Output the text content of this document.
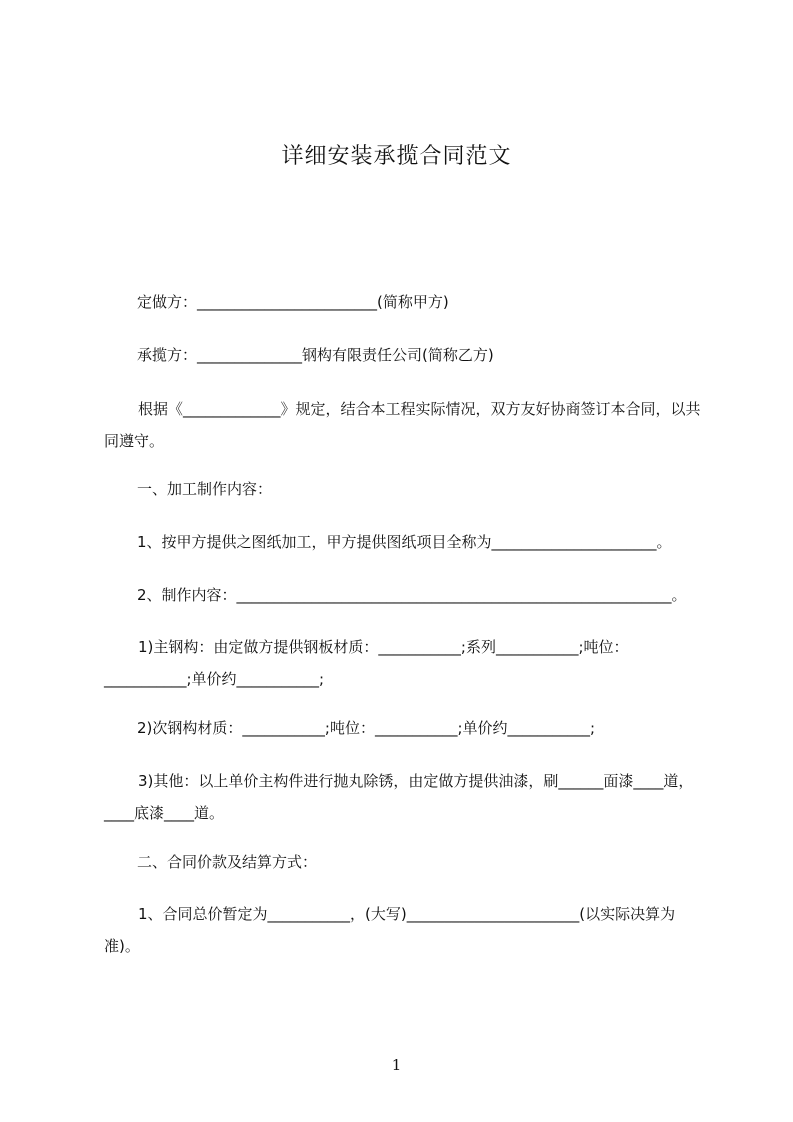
详细安装承揽合同范文
定做方：________________________(简称甲方)
承揽方：______________钢构有限责任公司(简称乙方)
根据《_____________》规定，结合本工程实际情况，双方友好协商签订本合同，以共同遵守。
一、加工制作内容：
1、按甲方提供之图纸加工，甲方提供图纸项目全称为______________________。
2、制作内容：__________________________________________________________。
1)主钢构：由定做方提供钢板材质：___________;系列___________;吨位：___________;单价约___________;
2)次钢构材质：___________;吨位：___________;单价约___________;
3)其他：以上单价主构件进行抛丸除锈，由定做方提供油漆，刷______面漆____道，____底漆____道。
二、合同价款及结算方式：
1、合同总价暂定为___________，(大写)_______________________(以实际决算为准)。
1
